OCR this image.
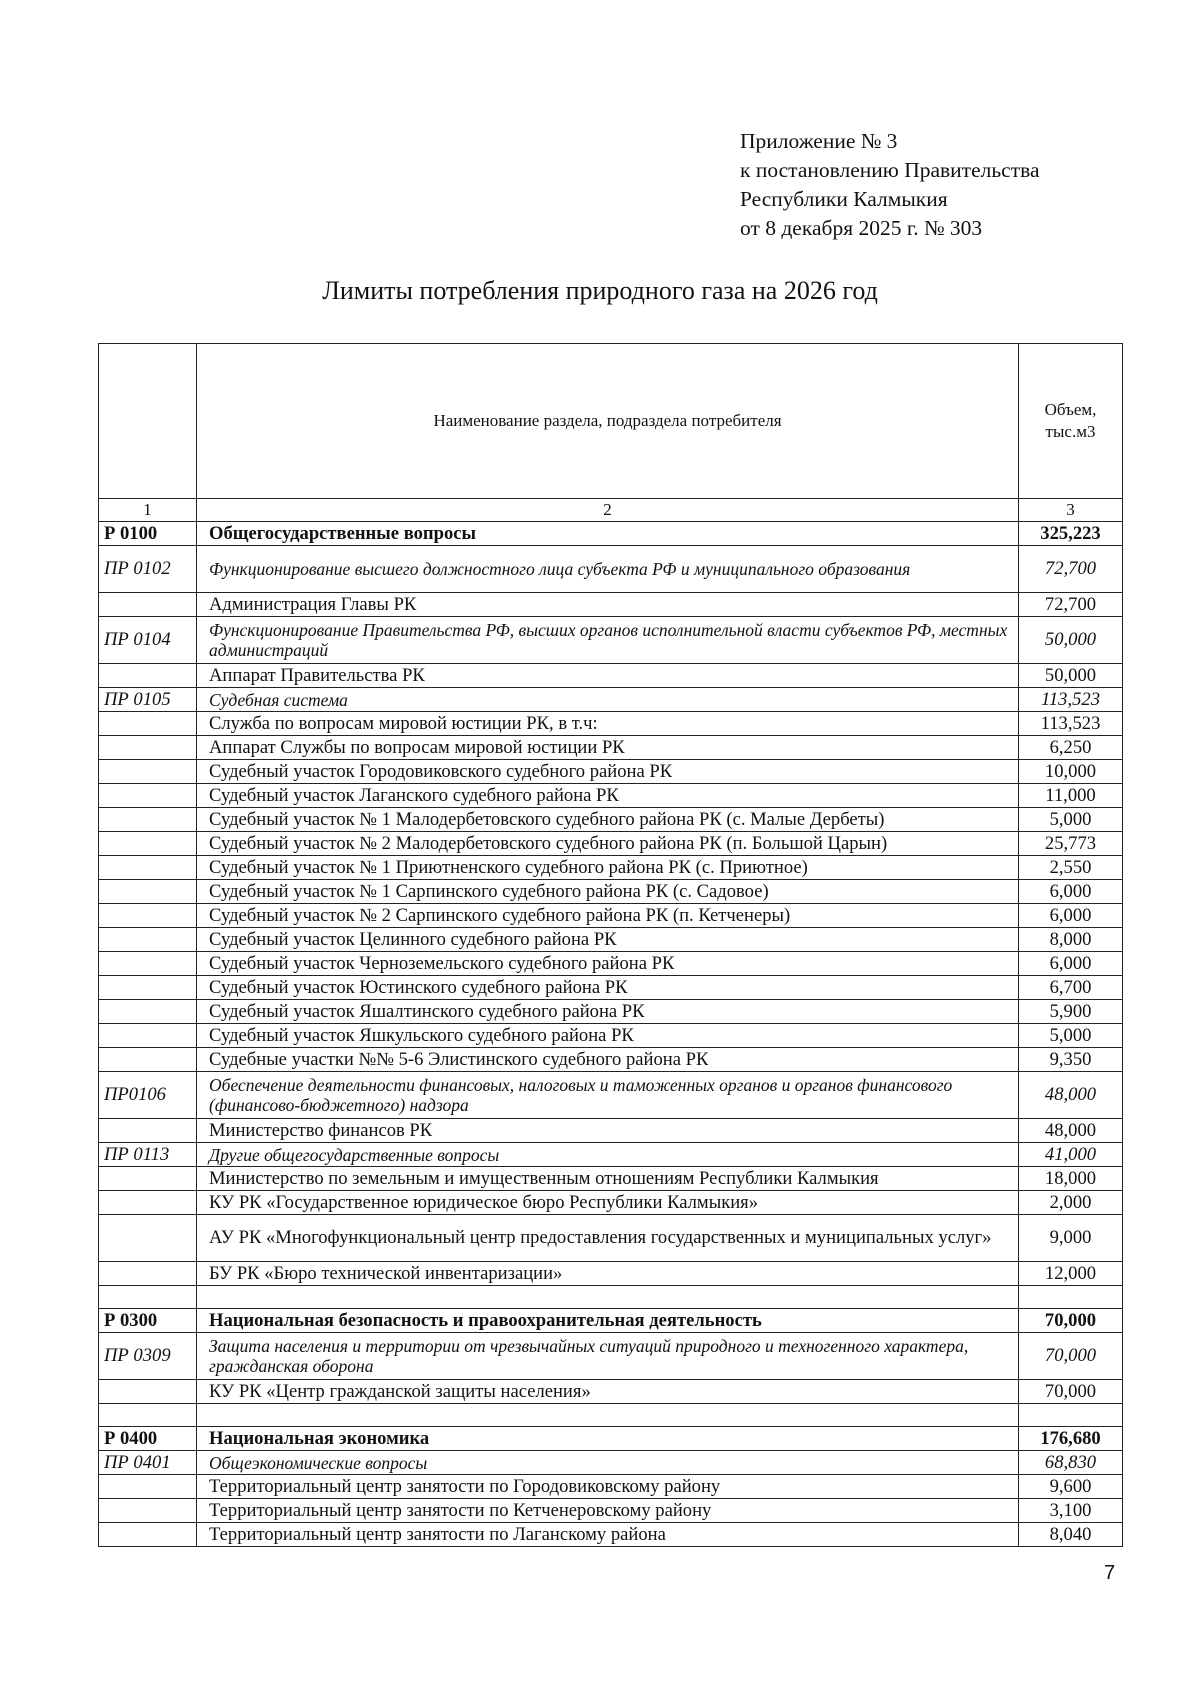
Приложение № 3
к постановлению Правительства
Республики Калмыкия
от 8 декабря 2025 г. № 303
Лимиты потребления природного газа на 2026 год
	Наименование раздела, подраздела потребителя	Объем, тыс.м3
1	2	3
Р 0100	Общегосударственные вопросы	325,223
ПР 0102	Функционирование высшего должностного лица субъекта РФ и муниципального образования	72,700
	Администрация Главы РК	72,700
ПР 0104	Фунскционирование Правительства РФ, высших органов исполнительной власти субъектов РФ, местных администраций	50,000
	Аппарат Правительства РК	50,000
ПР 0105	Судебная система	113,523
	Служба по вопросам мировой юстиции РК, в т.ч:	113,523
	Аппарат Службы по вопросам мировой юстиции РК	6,250
	Судебный участок Городовиковского судебного района РК	10,000
	Судебный участок Лаганского судебного района РК	11,000
	Судебный участок № 1 Малодербетовского судебного района РК (с. Малые Дербеты)	5,000
	Судебный участок № 2 Малодербетовского судебного района РК (п. Большой Царын)	25,773
	Судебный участок № 1 Приютненского судебного района РК (с. Приютное)	2,550
	Судебный участок № 1 Сарпинского судебного района РК (с. Садовое)	6,000
	Судебный участок № 2 Сарпинского судебного района РК (п. Кетченеры)	6,000
	Судебный участок Целинного судебного района РК	8,000
	Судебный участок Черноземельского судебного района РК	6,000
	Судебный участок Юстинского судебного района РК	6,700
	Судебный участок Яшалтинского судебного района РК	5,900
	Судебный участок Яшкульского судебного района РК	5,000
	Судебные участки №№ 5-6 Элистинского судебного района РК	9,350
ПР0106	Обеспечение деятельности финансовых, налоговых и таможенных органов и органов финансового (финансово-бюджетного) надзора	48,000
	Министерство финансов РК	48,000
ПР 0113	Другие общегосударственные вопросы	41,000
	Министерство по земельным и имущественным отношениям Республики Калмыкия	18,000
	КУ РК «Государственное юридическое бюро Республики Калмыкия»	2,000
	АУ РК «Многофункциональный центр предоставления государственных и муниципальных услуг»	9,000
	БУ РК «Бюро технической инвентаризации»	12,000

Р 0300	Национальная безопасность и правоохранительная деятельность	70,000
ПР 0309	Защита населения и территории от чрезвычайных ситуаций природного и техногенного характера, гражданская оборона	70,000
	КУ РК «Центр гражданской защиты населения»	70,000

Р 0400	Национальная экономика	176,680
ПР 0401	Общеэкономические вопросы	68,830
	Территориальный центр занятости по Городовиковскому району	9,600
	Территориальный центр занятости по Кетченеровскому району	3,100
	Территориальный центр занятости по Лаганскому района	8,040
7
